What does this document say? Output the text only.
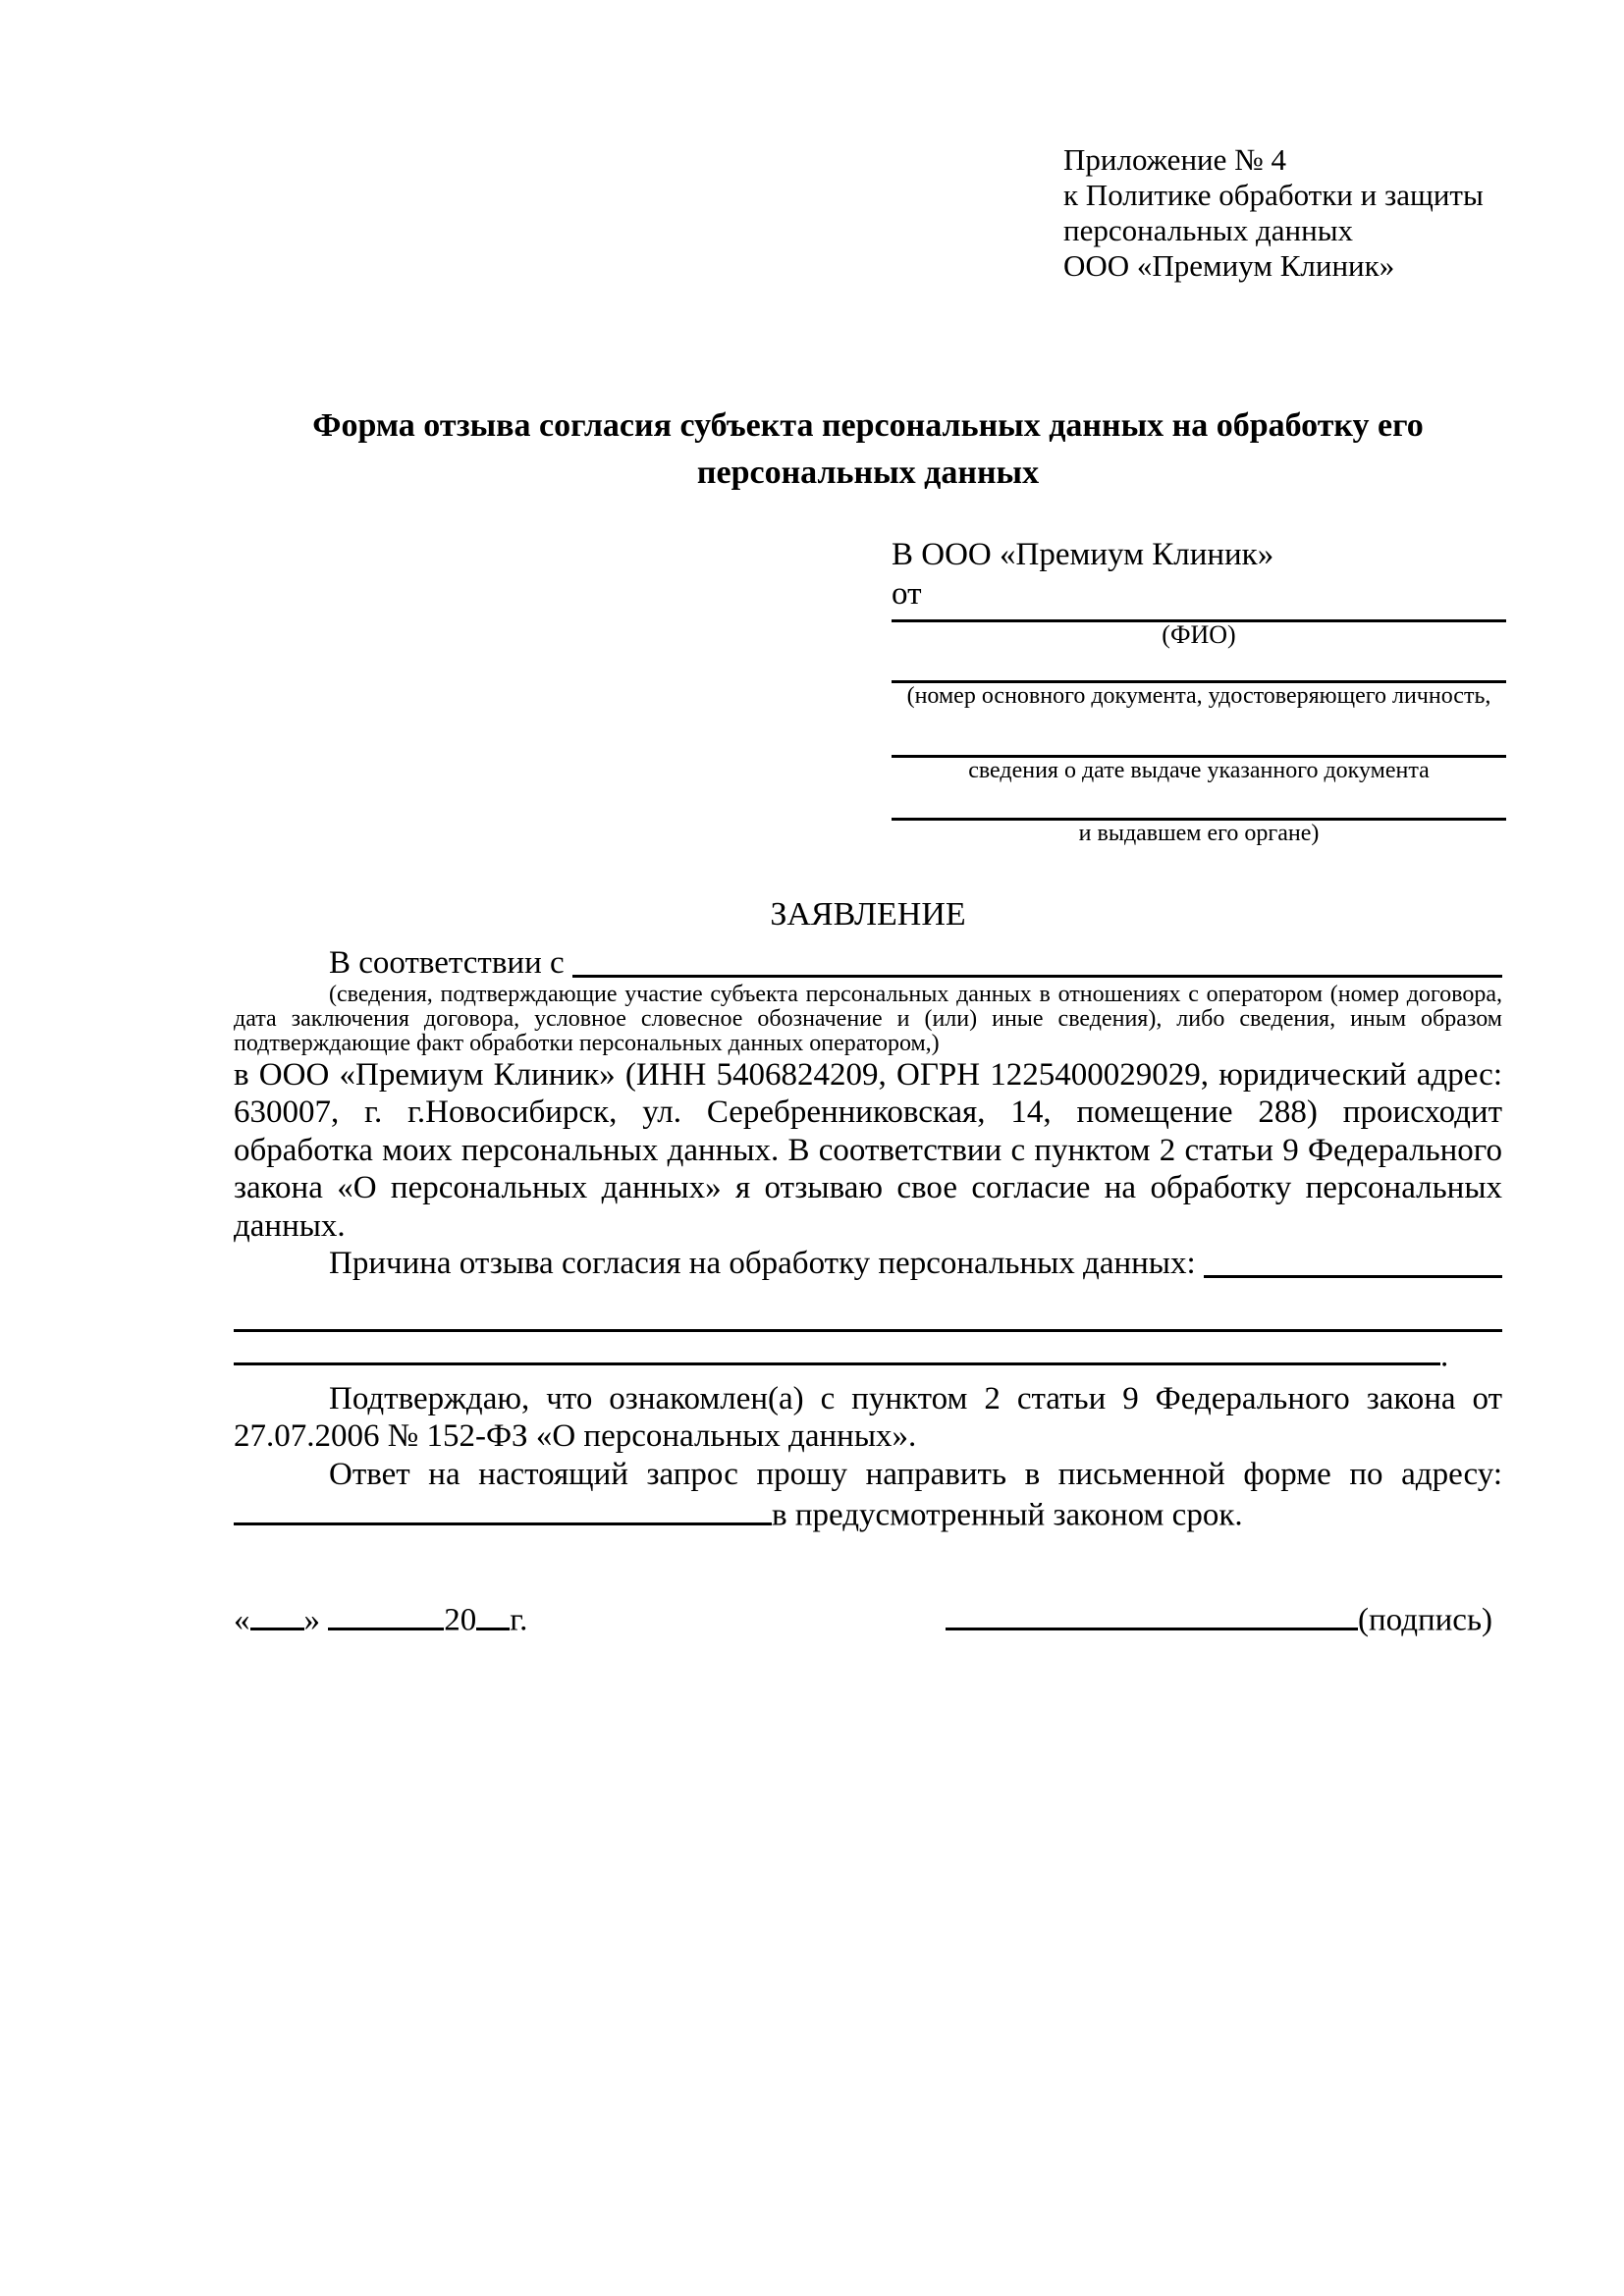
Приложение № 4
к Политике обработки и защиты
персональных данных
ООО «Премиум Клиник»
Форма отзыва согласия субъекта персональных данных на обработку его персональных данных
В ООО «Премиум Клиник»
от
(ФИО)
(номер основного документа, удостоверяющего личность,
сведения о дате выдаче указанного документа
и выдавшем его органе)
ЗАЯВЛЕНИЕ
В соответствии с

(сведения, подтверждающие участие субъекта персональных данных в отношениях с оператором (номер договора, дата заключения договора, условное словесное обозначение и (или) иные сведения), либо сведения, иным образом подтверждающие факт обработки персональных данных оператором,)

в ООО «Премиум Клиник» (ИНН 5406824209, ОГРН 1225400029029, юридический адрес: 630007, г. г.Новосибирск, ул. Серебренниковская, 14, помещение 288) происходит обработка моих персональных данных. В соответствии с пунктом 2 статьи 9 Федерального закона «О персональных данных» я отзываю свое согласие на обработку персональных данных.

Причина отзыва согласия на обработку персональных данных:
.

Подтверждаю, что ознакомлен(а) с пунктом 2 статьи 9 Федерального закона от 27.07.2006 № 152-ФЗ «О персональных данных».

Ответ на настоящий запрос прошу направить в письменной форме по адресу:
в предусмотренный законом срок.
« »	20 г.	(подпись)
